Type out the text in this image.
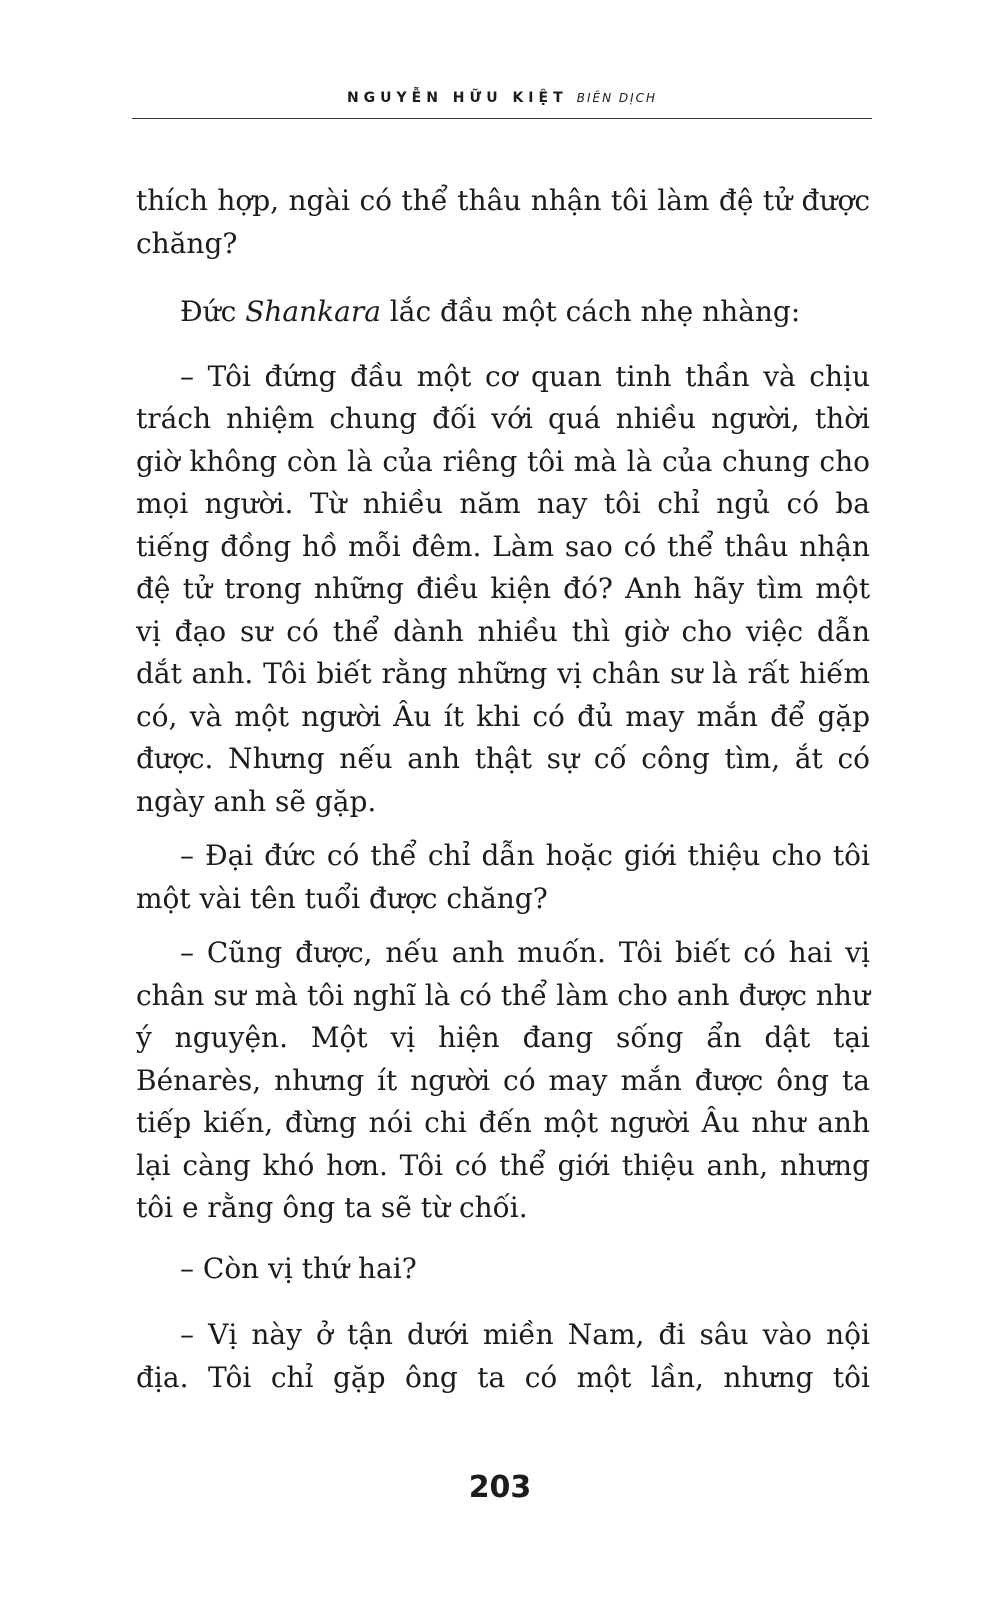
NGUYỄN HỮU KIỆT BIÊN DỊCH

thích hợp, ngài có thể thâu nhận tôi làm đệ tử được chăng?

Đức Shankara lắc đầu một cách nhẹ nhàng:

– Tôi đứng đầu một cơ quan tinh thần và chịu trách nhiệm chung đối với quá nhiều người, thời giờ không còn là của riêng tôi mà là của chung cho mọi người. Từ nhiều năm nay tôi chỉ ngủ có ba tiếng đồng hồ mỗi đêm. Làm sao có thể thâu nhận đệ tử trong những điều kiện đó? Anh hãy tìm một vị đạo sư có thể dành nhiều thì giờ cho việc dẫn dắt anh. Tôi biết rằng những vị chân sư là rất hiếm có, và một người Âu ít khi có đủ may mắn để gặp được. Nhưng nếu anh thật sự cố công tìm, ắt có ngày anh sẽ gặp.

– Đại đức có thể chỉ dẫn hoặc giới thiệu cho tôi một vài tên tuổi được chăng?

– Cũng được, nếu anh muốn. Tôi biết có hai vị chân sư mà tôi nghĩ là có thể làm cho anh được như ý nguyện. Một vị hiện đang sống ẩn dật tại Bénarès, nhưng ít người có may mắn được ông ta tiếp kiến, đừng nói chi đến một người Âu như anh lại càng khó hơn. Tôi có thể giới thiệu anh, nhưng tôi e rằng ông ta sẽ từ chối.

– Còn vị thứ hai?

– Vị này ở tận dưới miền Nam, đi sâu vào nội địa. Tôi chỉ gặp ông ta có một lần, nhưng tôi

203
